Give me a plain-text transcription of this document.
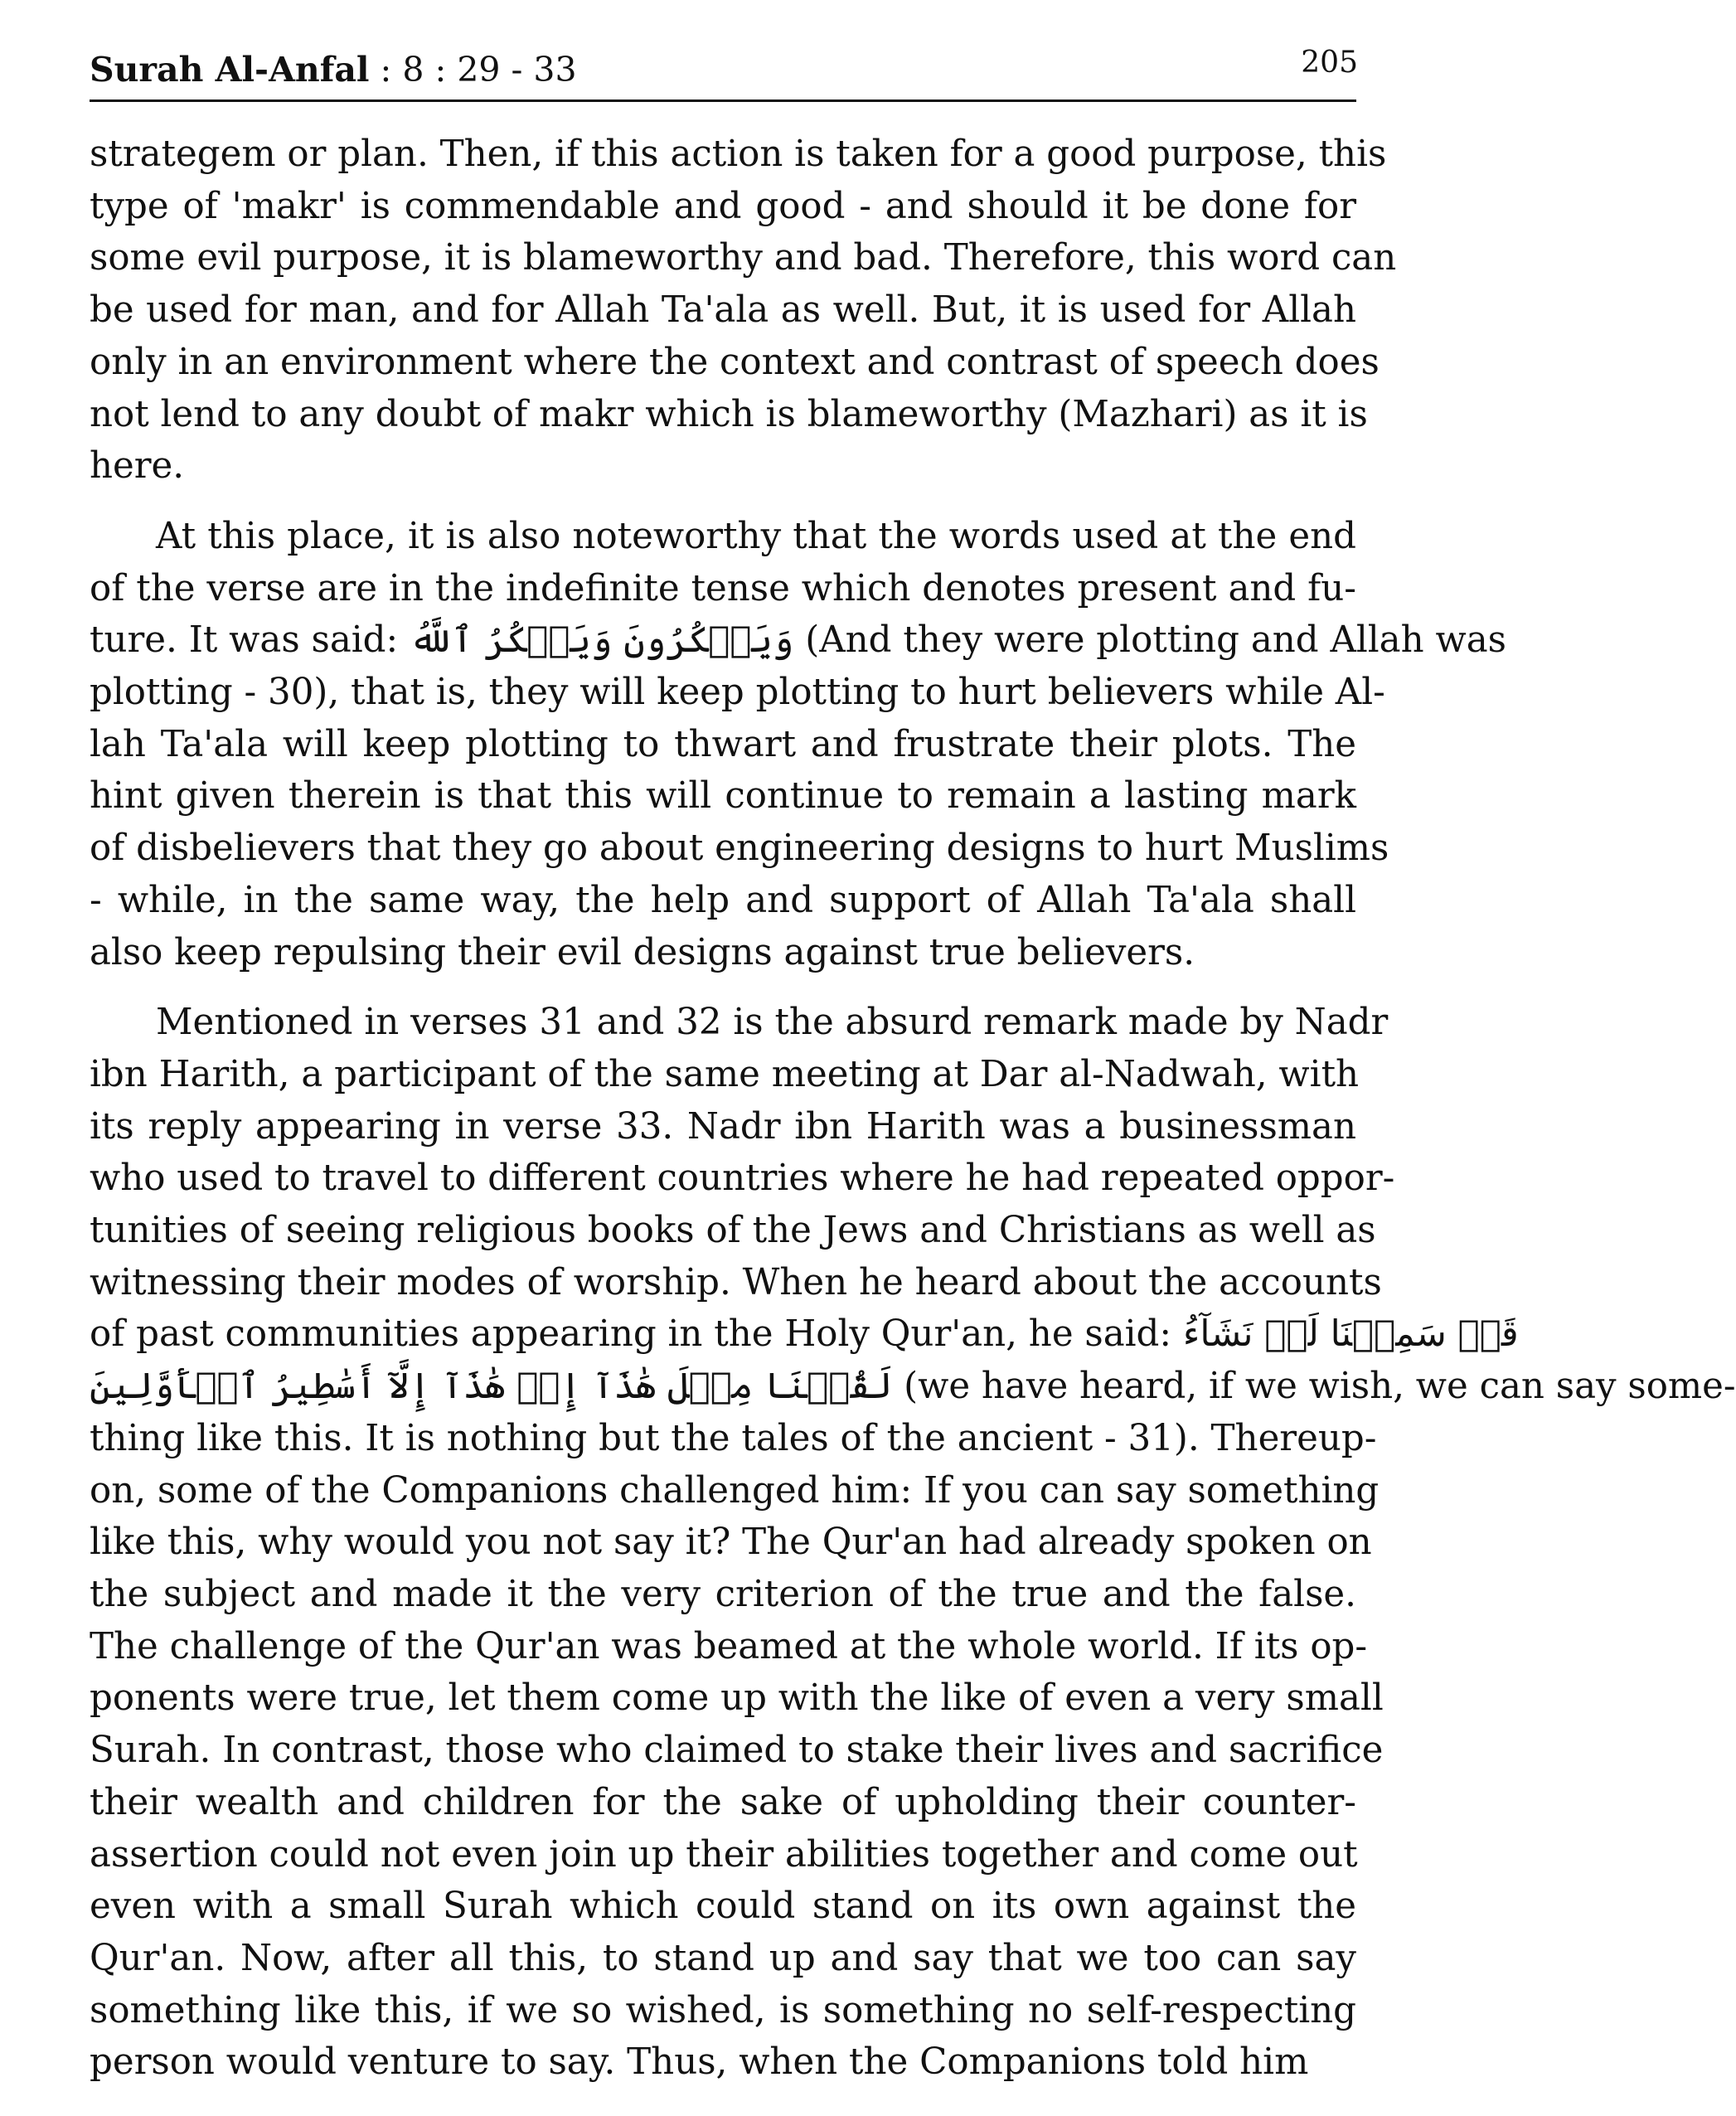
Surah Al-Anfal : 8 : 29 - 33	205
strategem or plan. Then, if this action is taken for a good purpose, this
type of 'makr' is commendable and good - and should it be done for
some evil purpose, it is blameworthy and bad. Therefore, this word can
be used for man, and for Allah Ta'ala as well. But, it is used for Allah
only in an environment where the context and contrast of speech does
not lend to any doubt of makr which is blameworthy (Mazhari) as it is
here.
At this place, it is also noteworthy that the words used at the end
of the verse are in the indefinite tense which denotes present and fu-
ture. It was said: وَيَمۡكُرُونَ وَيَمۡكُرُ ٱللَّهُ (And they were plotting and Allah was
plotting - 30), that is, they will keep plotting to hurt believers while Al-
lah Ta'ala will keep plotting to thwart and frustrate their plots. The
hint given therein is that this will continue to remain a lasting mark
of disbelievers that they go about engineering designs to hurt Muslims
- while, in the same way, the help and support of Allah Ta'ala shall
also keep repulsing their evil designs against true believers.
Mentioned in verses 31 and 32 is the absurd remark made by Nadr
ibn Harith, a participant of the same meeting at Dar al-Nadwah, with
its reply appearing in verse 33. Nadr ibn Harith was a businessman
who used to travel to different countries where he had repeated oppor-
tunities of seeing religious books of the Jews and Christians as well as
witnessing their modes of worship. When he heard about the accounts
of past communities appearing in the Holy Qur'an, he said: قَدۡ سَمِعۡنَا لَوۡ نَشَآءُ
لَقُلۡنَا مِثۡلَ هَٰذَآ إِنۡ هَٰذَآ إِلَّآ أَسَٰطِيرُ ٱلۡأَوَّلِينَ (we have heard, if we wish, we can say some-
thing like this. It is nothing but the tales of the ancient - 31). Thereup-
on, some of the Companions challenged him: If you can say something
like this, why would you not say it? The Qur'an had already spoken on
the subject and made it the very criterion of the true and the false.
The challenge of the Qur'an was beamed at the whole world. If its op-
ponents were true, let them come up with the like of even a very small
Surah. In contrast, those who claimed to stake their lives and sacrifice
their wealth and children for the sake of upholding their counter-
assertion could not even join up their abilities together and come out
even with a small Surah which could stand on its own against the
Qur'an. Now, after all this, to stand up and say that we too can say
something like this, if we so wished, is something no self-respecting
person would venture to say. Thus, when the Companions told him
